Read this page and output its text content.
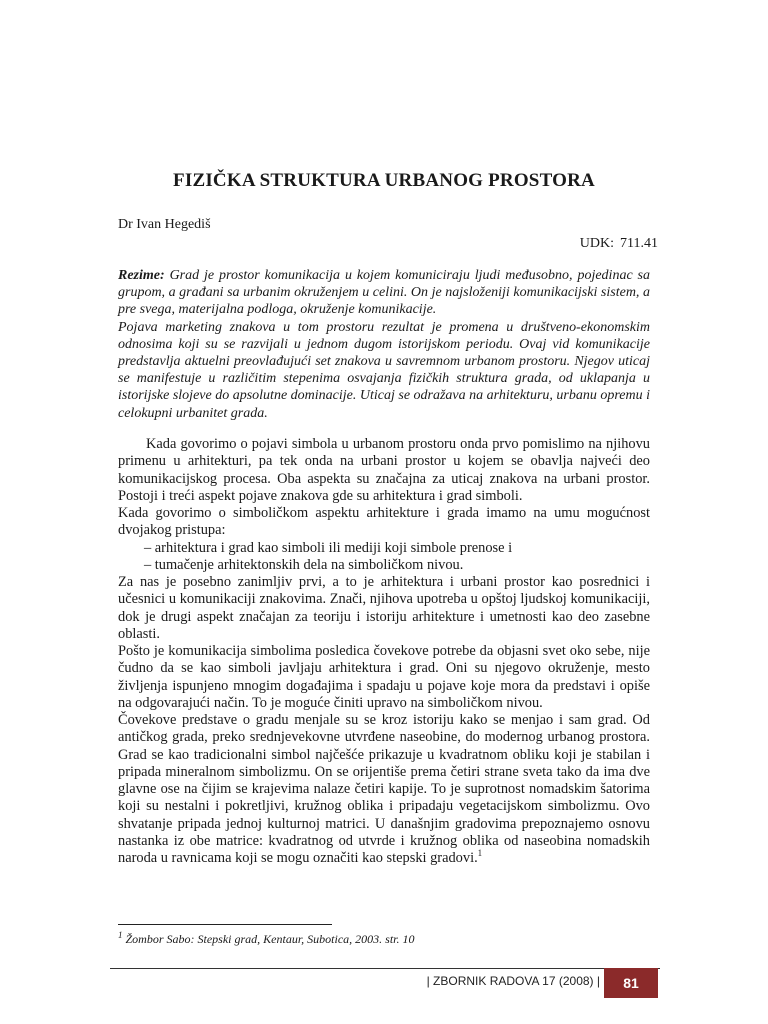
FIZIČKA STRUKTURA URBANOG PROSTORA
Dr Ivan Hegediš
UDK: 711.41

Rezime: Grad je prostor komunikacija u kojem komuniciraju ljudi međusobno, pojedinac sa grupom, a građani sa urbanim okruženjem u celini. On je najsloženiji komunikacijski sistem, a pre svega, materijalna podloga, okruženje komunikacije.

Pojava marketing znakova u tom prostoru rezultat je promena u društveno-ekonomskim odnosima koji su se razvijali u jednom dugom istorijskom periodu. Ovaj vid komunikacije predstavlja aktuelni preovlađujući set znakova u savremnom urbanom prostoru. Njegov uticaj se manifestuje u različitim stepenima osvajanja fizičkih struktura grada, od uklapanja u istorijske slojeve do apsolutne dominacije. Uticaj se odražava na arhitekturu, urbanu opremu i celokupni urbanitet grada.

Kada govorimo o pojavi simbola u urbanom prostoru onda prvo pomislimo na njihovu primenu u arhitekturi, pa tek onda na urbani prostor u kojem se obavlja najveći deo komunikacijskog procesa. Oba aspekta su značajna za uticaj znakova na urbani prostor. Postoji i treći aspekt pojave znakova gde su arhitektura i grad simboli.

Kada govorimo o simboličkom aspektu arhitekture i grada imamo na umu mogućnost dvojakog pristupa:

– arhitektura i grad kao simboli ili mediji koji simbole prenose i

– tumačenje arhitektonskih dela na simboličkom nivou.

Za nas je posebno zanimljiv prvi, a to je arhitektura i urbani prostor kao posrednici i učesnici u komunikaciji znakovima. Znači, njihova upotreba u opštoj ljudskoj komunikaciji, dok je drugi aspekt značajan za teoriju i istoriju arhitekture i umetnosti kao deo zasebne oblasti.

Pošto je komunikacija simbolima posledica čovekove potrebe da objasni svet oko sebe, nije čudno da se kao simboli javljaju arhitektura i grad. Oni su njegovo okruženje, mesto življenja ispunjeno mnogim događajima i spadaju u pojave koje mora da predstavi i opiše na odgovarajući način. To je moguće činiti upravo na simboličkom nivou.

Čovekove predstave o gradu menjale su se kroz istoriju kako se menjao i sam grad. Od antičkog grada, preko srednjevekovne utvrđene naseobine, do modernog urbanog prostora. Grad se kao tradicionalni simbol najčešće prikazuje u kvadratnom obliku koji je stabilan i pripada mineralnom simbolizmu. On se orijentiše prema četiri strane sveta tako da ima dve glavne ose na čijim se krajevima nalaze četiri kapije. To je suprotnost nomadskim šatorima koji su nestalni i pokretljivi, kružnog oblika i pripadaju vegetacijskom simbolizmu. Ovo shvatanje pripada jednoj kulturnoj matrici. U današnjim gradovima prepoznajemo osnovu nastanka iz obe matrice: kvadratnog od utvrde i kružnog oblika od naseobina nomadskih naroda u ravnicama koji se mogu označiti kao stepski gradovi.$^1$

$^1$ Žombor Sabo: Stepski grad, Kentaur, Subotica, 2003. str. 10
| ZBORNIK RADOVA 17 (2008) |	81
